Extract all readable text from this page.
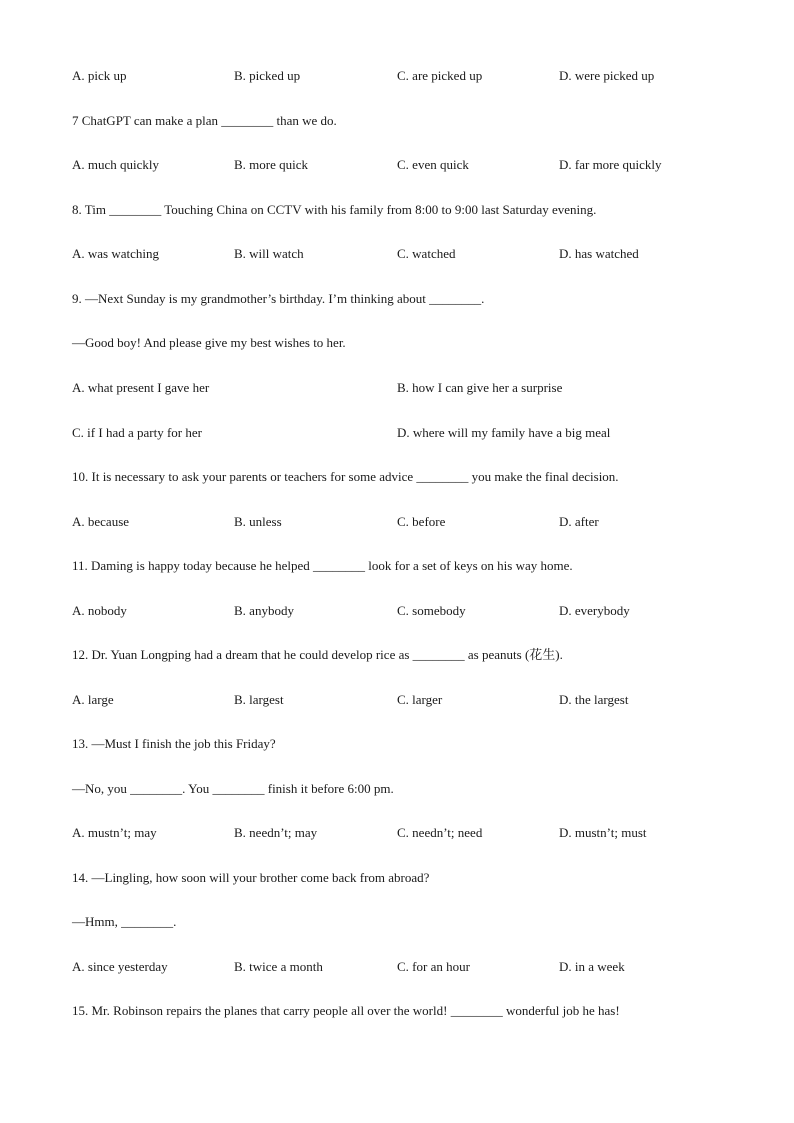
A. pick up	B. picked up	C. are picked up	D. were picked up
7 ChatGPT can make a plan ________ than we do.
A. much quickly	B. more quick	C. even quick	D. far more quickly
8. Tim ________ Touching China on CCTV with his family from 8:00 to 9:00 last Saturday evening.
A. was watching	B. will watch	C. watched	D. has watched
9. —Next Sunday is my grandmother’s birthday. I’m thinking about ________.
—Good boy! And please give my best wishes to her.
A. what present I gave her	B. how I can give her a surprise
C. if I had a party for her	D. where will my family have a big meal
10. It is necessary to ask your parents or teachers for some advice ________ you make the final decision.
A. because	B. unless	C. before	D. after
11. Daming is happy today because he helped ________ look for a set of keys on his way home.
A. nobody	B. anybody	C. somebody	D. everybody
12. Dr. Yuan Longping had a dream that he could develop rice as ________ as peanuts (花生).
A. large	B. largest	C. larger	D. the largest
13. —Must I finish the job this Friday?
—No, you ________. You ________ finish it before 6:00 pm.
A. mustn’t; may	B. needn’t; may	C. needn’t; need	D. mustn’t; must
14. —Lingling, how soon will your brother come back from abroad?
—Hmm, ________.
A. since yesterday	B. twice a month	C. for an hour	D. in a week
15. Mr. Robinson repairs the planes that carry people all over the world! ________ wonderful job he has!
